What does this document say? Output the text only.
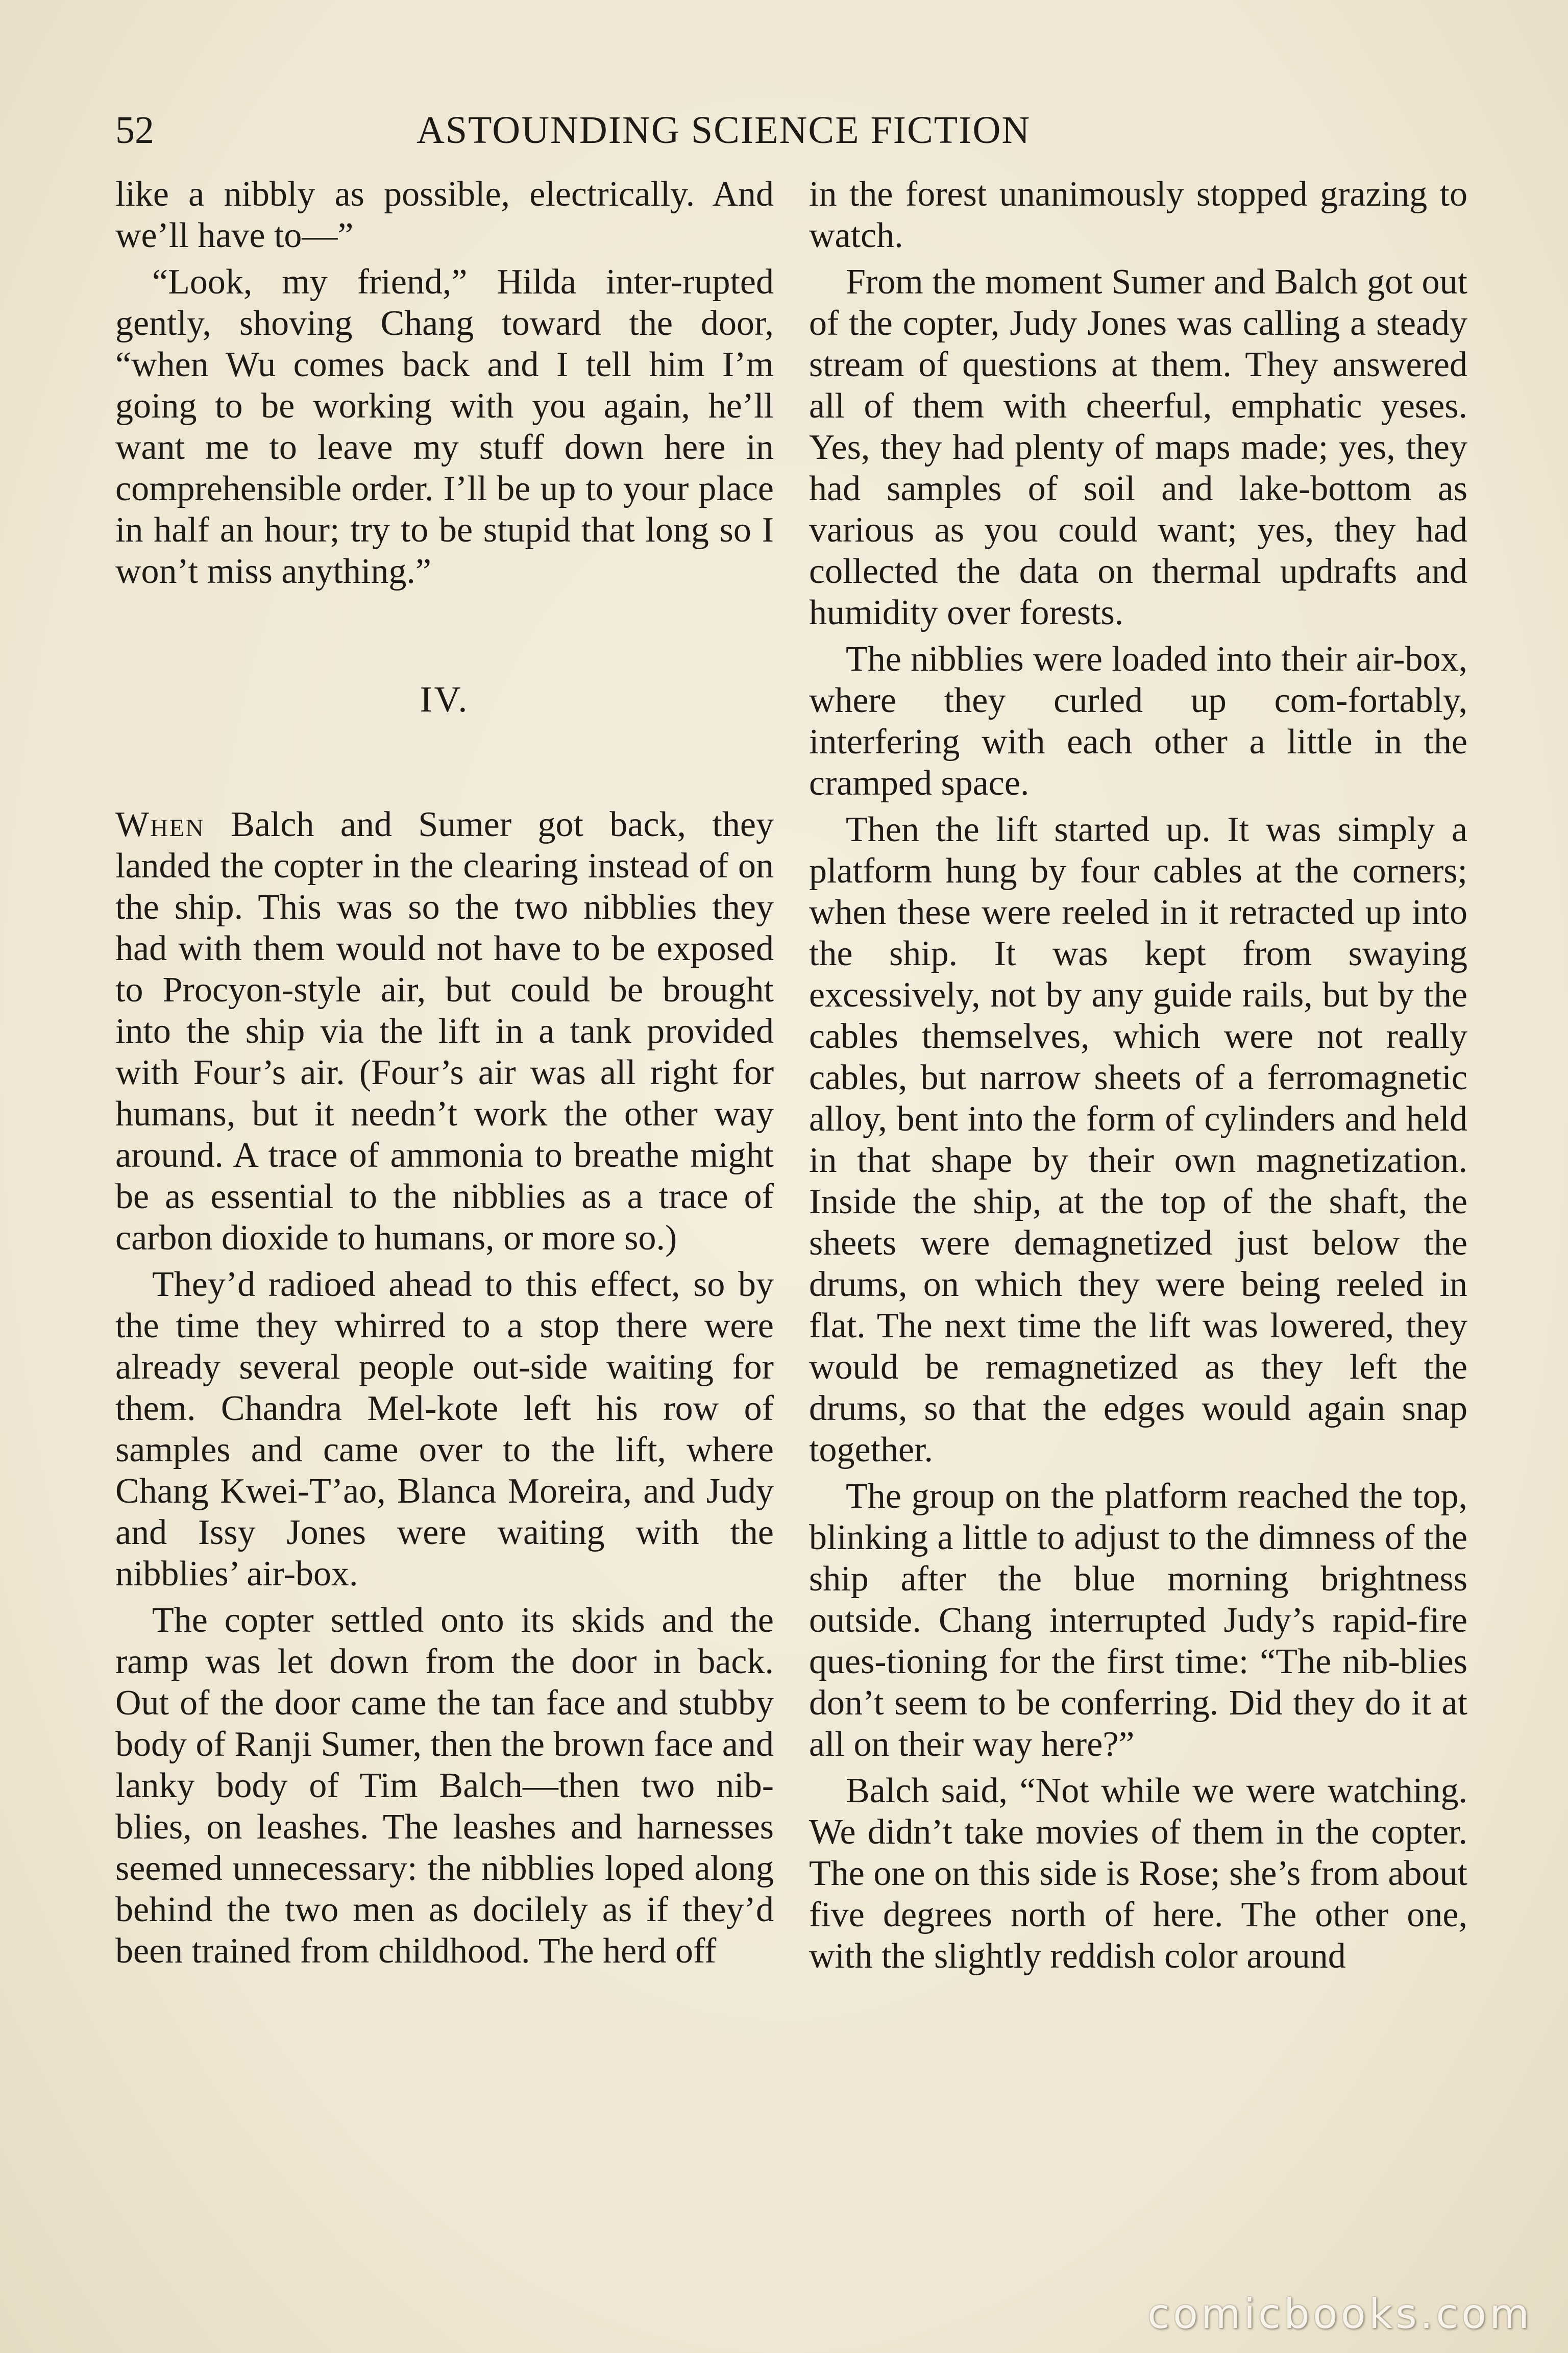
52	ASTOUNDING SCIENCE FICTION

like a nibbly as possible, electrically. And we’ll have to—”

“Look, my friend,” Hilda inter-rupted gently, shoving Chang toward the door, “when Wu comes back and I tell him I’m going to be working with you again, he’ll want me to leave my stuff down here in comprehensible order. I’ll be up to your place in half an hour; try to be stupid that long so I won’t miss anything.”

IV.

When Balch and Sumer got back, they landed the copter in the clearing instead of on the ship. This was so the two nibblies they had with them would not have to be exposed to Procyon-style air, but could be brought into the ship via the lift in a tank provided with Four’s air. (Four’s air was all right for humans, but it needn’t work the other way around. A trace of ammonia to breathe might be as essential to the nibblies as a trace of carbon dioxide to humans, or more so.)

They’d radioed ahead to this effect, so by the time they whirred to a stop there were already several people out-side waiting for them. Chandra Mel-kote left his row of samples and came over to the lift, where Chang Kwei-T’ao, Blanca Moreira, and Judy and Issy Jones were waiting with the nibblies’ air-box.

The copter settled onto its skids and the ramp was let down from the door in back. Out of the door came the tan face and stubby body of Ranji Sumer, then the brown face and lanky body of Tim Balch—then two nib-blies, on leashes. The leashes and harnesses seemed unnecessary: the nibblies loped along behind the two men as docilely as if they’d been trained from childhood. The herd off

in the forest unanimously stopped grazing to watch.

From the moment Sumer and Balch got out of the copter, Judy Jones was calling a steady stream of questions at them. They answered all of them with cheerful, emphatic yeses. Yes, they had plenty of maps made; yes, they had samples of soil and lake-bottom as various as you could want; yes, they had collected the data on thermal updrafts and humidity over forests.

The nibblies were loaded into their air-box, where they curled up com-fortably, interfering with each other a little in the cramped space.

Then the lift started up. It was simply a platform hung by four cables at the corners; when these were reeled in it retracted up into the ship. It was kept from swaying excessively, not by any guide rails, but by the cables themselves, which were not really cables, but narrow sheets of a ferromagnetic alloy, bent into the form of cylinders and held in that shape by their own magnetization. Inside the ship, at the top of the shaft, the sheets were demagnetized just below the drums, on which they were being reeled in flat. The next time the lift was lowered, they would be remagnetized as they left the drums, so that the edges would again snap together.

The group on the platform reached the top, blinking a little to adjust to the dimness of the ship after the blue morning brightness outside. Chang interrupted Judy’s rapid-fire ques-tioning for the first time: “The nib-blies don’t seem to be conferring. Did they do it at all on their way here?”

Balch said, “Not while we were watching. We didn’t take movies of them in the copter. The one on this side is Rose; she’s from about five degrees north of here. The other one, with the slightly reddish color around

comicbooks.com
